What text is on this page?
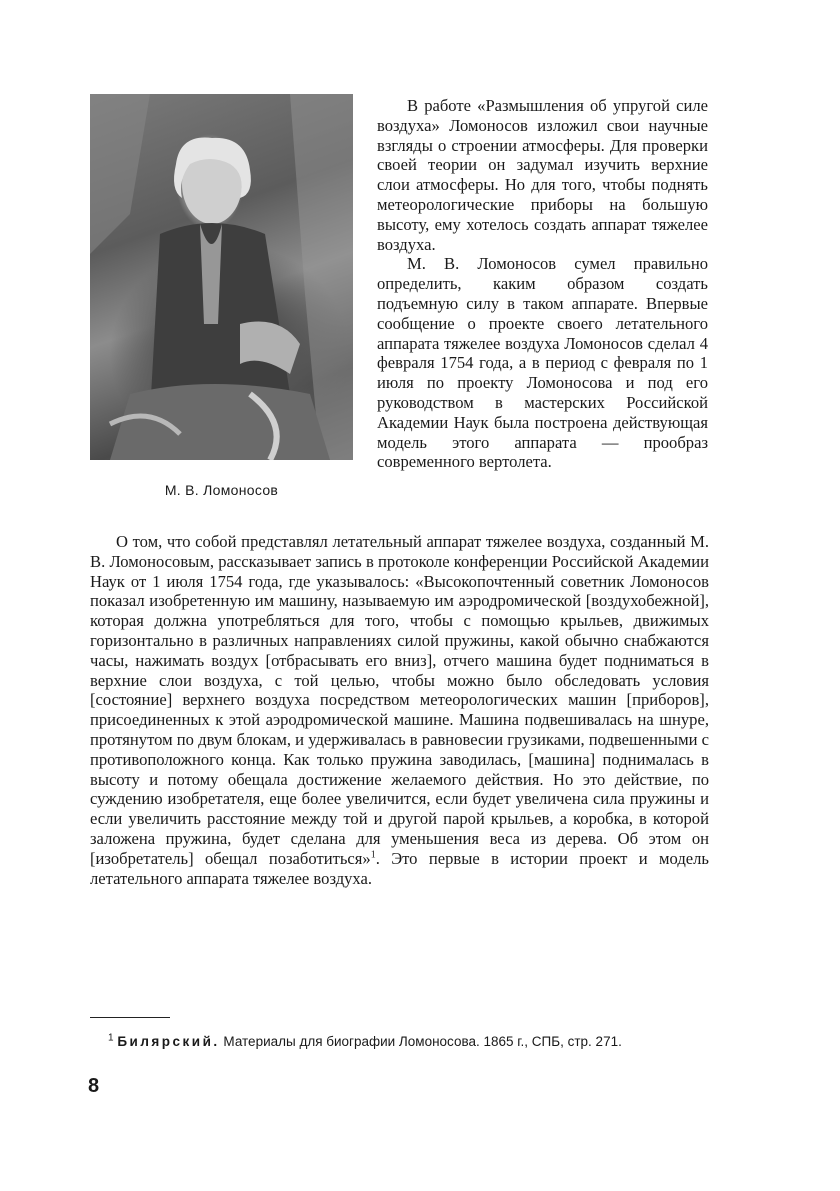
М. В. Ломоносов

В работе «Размышления об упругой силе воздуха» Ломоносов изложил свои научные взгляды о строении атмосферы. Для проверки своей теории он задумал изучить верхние слои атмосферы. Но для того, чтобы поднять метеорологические приборы на большую высоту, ему хотелось создать аппарат тяжелее воздуха.

М. В. Ломоносов сумел правильно определить, каким образом создать подъемную силу в таком аппарате. Впервые сообщение о проекте своего летательного аппарата тяжелее воздуха Ломоносов сделал 4 февраля 1754 года, а в период с февраля по 1 июля по проекту Ломоносова и под его руководством в мастерских Российской Академии Наук была построена действующая модель этого аппарата — прообраз современного вертолета.

О том, что собой представлял летательный аппарат тяжелее воздуха, созданный М. В. Ломоносовым, рассказывает запись в протоколе конференции Российской Академии Наук от 1 июля 1754 года, где указывалось: «Высокопочтенный советник Ломоносов показал изобретенную им машину, называемую им аэродромической [воздухобежной], которая должна употребляться для того, чтобы с помощью крыльев, движимых горизонтально в различных направлениях силой пружины, какой обычно снабжаются часы, нажимать воздух [отбрасывать его вниз], отчего машина будет подниматься в верхние слои воздуха, с той целью, чтобы можно было обследовать условия [состояние] верхнего воздуха посредством метеорологических машин [приборов], присоединенных к этой аэродромической машине. Машина подвешивалась на шнуре, протянутом по двум блокам, и удерживалась в равновесии грузиками, подвешенными с противоположного конца. Как только пружина заводилась, [машина] поднималась в высоту и потому обещала достижение желаемого действия. Но это действие, по суждению изобретателя, еще более увеличится, если будет увеличена сила пружины и если увеличить расстояние между той и другой парой крыльев, а коробка, в которой заложена пружина, будет сделана для уменьшения веса из дерева. Об этом он [изобретатель] обещал позаботиться»$^1$. Это первые в истории проект и модель летательного аппарата тяжелее воздуха.

$^1$ Билярский. Материалы для биографии Ломоносова. 1865 г., СПБ, стр. 271.
8
